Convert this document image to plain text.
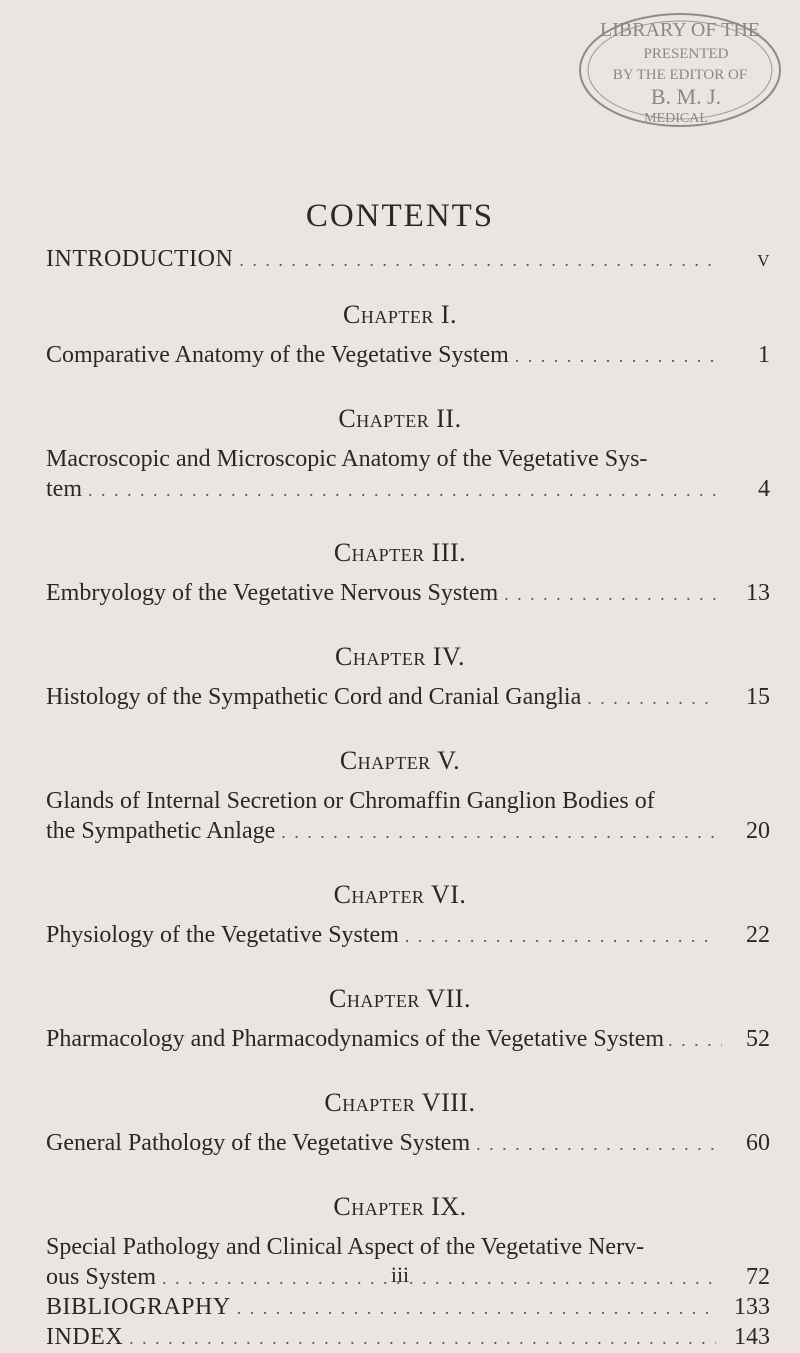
LIBRARY OF THE
PRESENTED
BY THE EDITOR OF
B. M. J.
MEDICAL
CONTENTS
INTRODUCTION . . .	v
Chapter I.
Comparative Anatomy of the Vegetative System . . .	1
Chapter II.
Macroscopic and Microscopic Anatomy of the Vegetative Sys-
tem . . .	4
Chapter III.
Embryology of the Vegetative Nervous System . . .	13
Chapter IV.
Histology of the Sympathetic Cord and Cranial Ganglia . . .	15
Chapter V.
Glands of Internal Secretion or Chromaffin Ganglion Bodies of
the Sympathetic Anlage . . .	20
Chapter VI.
Physiology of the Vegetative System . . .	22
Chapter VII.
Pharmacology and Pharmacodynamics of the Vegetative System . . .	52
Chapter VIII.
General Pathology of the Vegetative System . . .	60
Chapter IX.
Special Pathology and Clinical Aspect of the Vegetative Nerv-
ous System . . .	72
BIBLIOGRAPHY . . .	133
INDEX . . .	143
iii
